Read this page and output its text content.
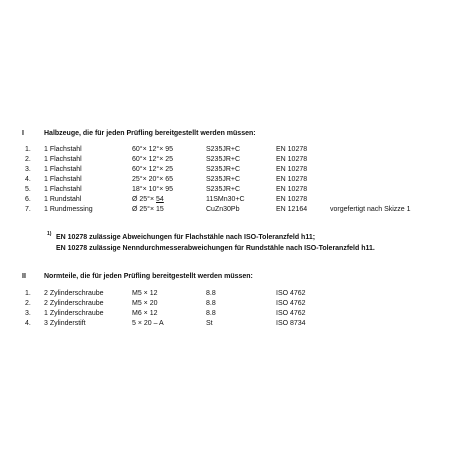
I	Halbzeuge, die für jeden Prüfling bereitgestellt werden müssen:
1. 1 Flachstahl	60°× 12°× 95	S235JR+C	EN 10278
2. 1 Flachstahl	60°× 12°× 25	S235JR+C	EN 10278
3. 1 Flachstahl	60°× 12°× 25	S235JR+C	EN 10278
4. 1 Flachstahl	25°× 20°× 65	S235JR+C	EN 10278
5. 1 Flachstahl	18°× 10°× 95	S235JR+C	EN 10278
6. 1 Rundstahl	Ø 25°× 54	11SMn30+C	EN 10278
7. 1 Rundmessing	Ø 25°× 15	CuZn30Pb	EN 12164	vorgefertigt nach Skizze 1
1) EN 10278 zulässige Abweichungen für Flachstähle nach ISO-Toleranzfeld h11;
EN 10278 zulässige Nenndurchmesserabweichungen für Rundstähle nach ISO-Toleranzfeld h11.
II	Normteile, die für jeden Prüfling bereitgestellt werden müssen:
1. 2 Zylinderschraube	M5 × 12	8.8	ISO 4762
2. 2 Zylinderschraube	M5 × 20	8.8	ISO 4762
3. 1 Zylinderschraube	M6 × 12	8.8	ISO 4762
4. 3 Zylinderstift	5 × 20 – A	St	ISO 8734
